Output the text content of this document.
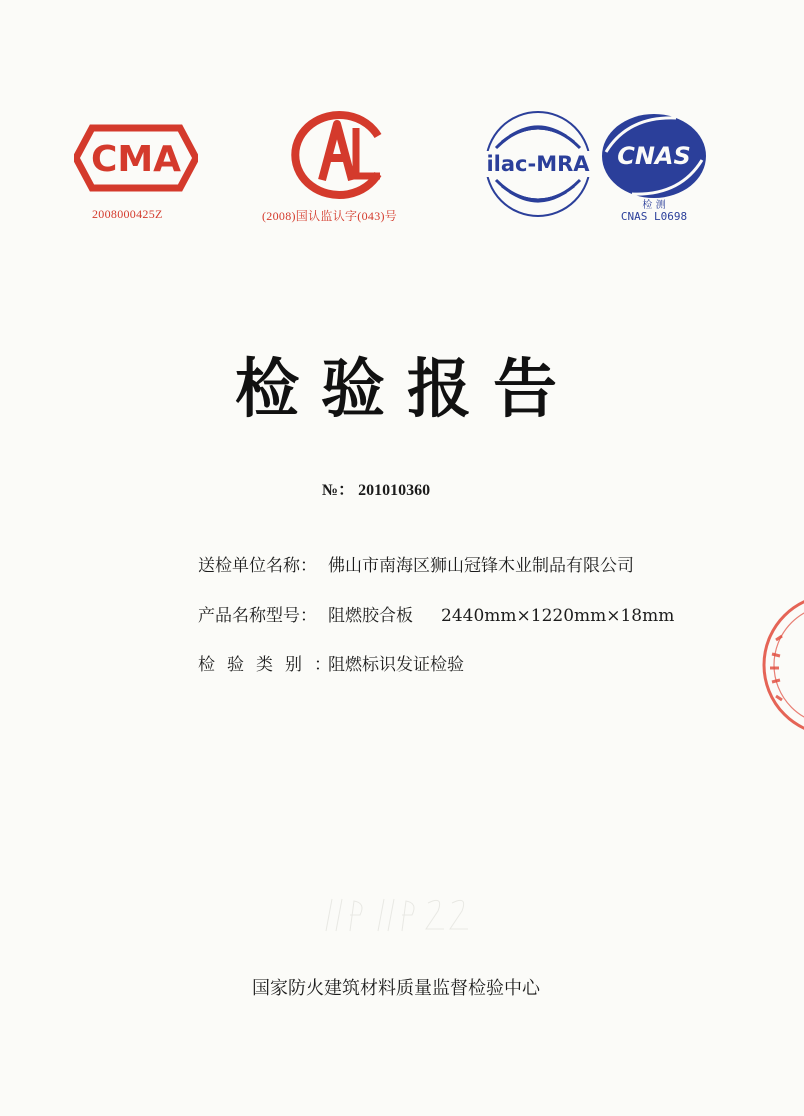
CMA
2008000425Z	(2008)国认监认字(043)号
ilac-MRA CNAS
检 测
CNAS L0698
检验报告
№： 201010360
送检单位名称： 佛山市南海区狮山冠锋木业制品有限公司
产品名称型号： 阻燃胶合板 2440mm×1220mm×18mm
检验类别：阻燃标识发证检验
国家防火建筑材料质量监督检验中心
